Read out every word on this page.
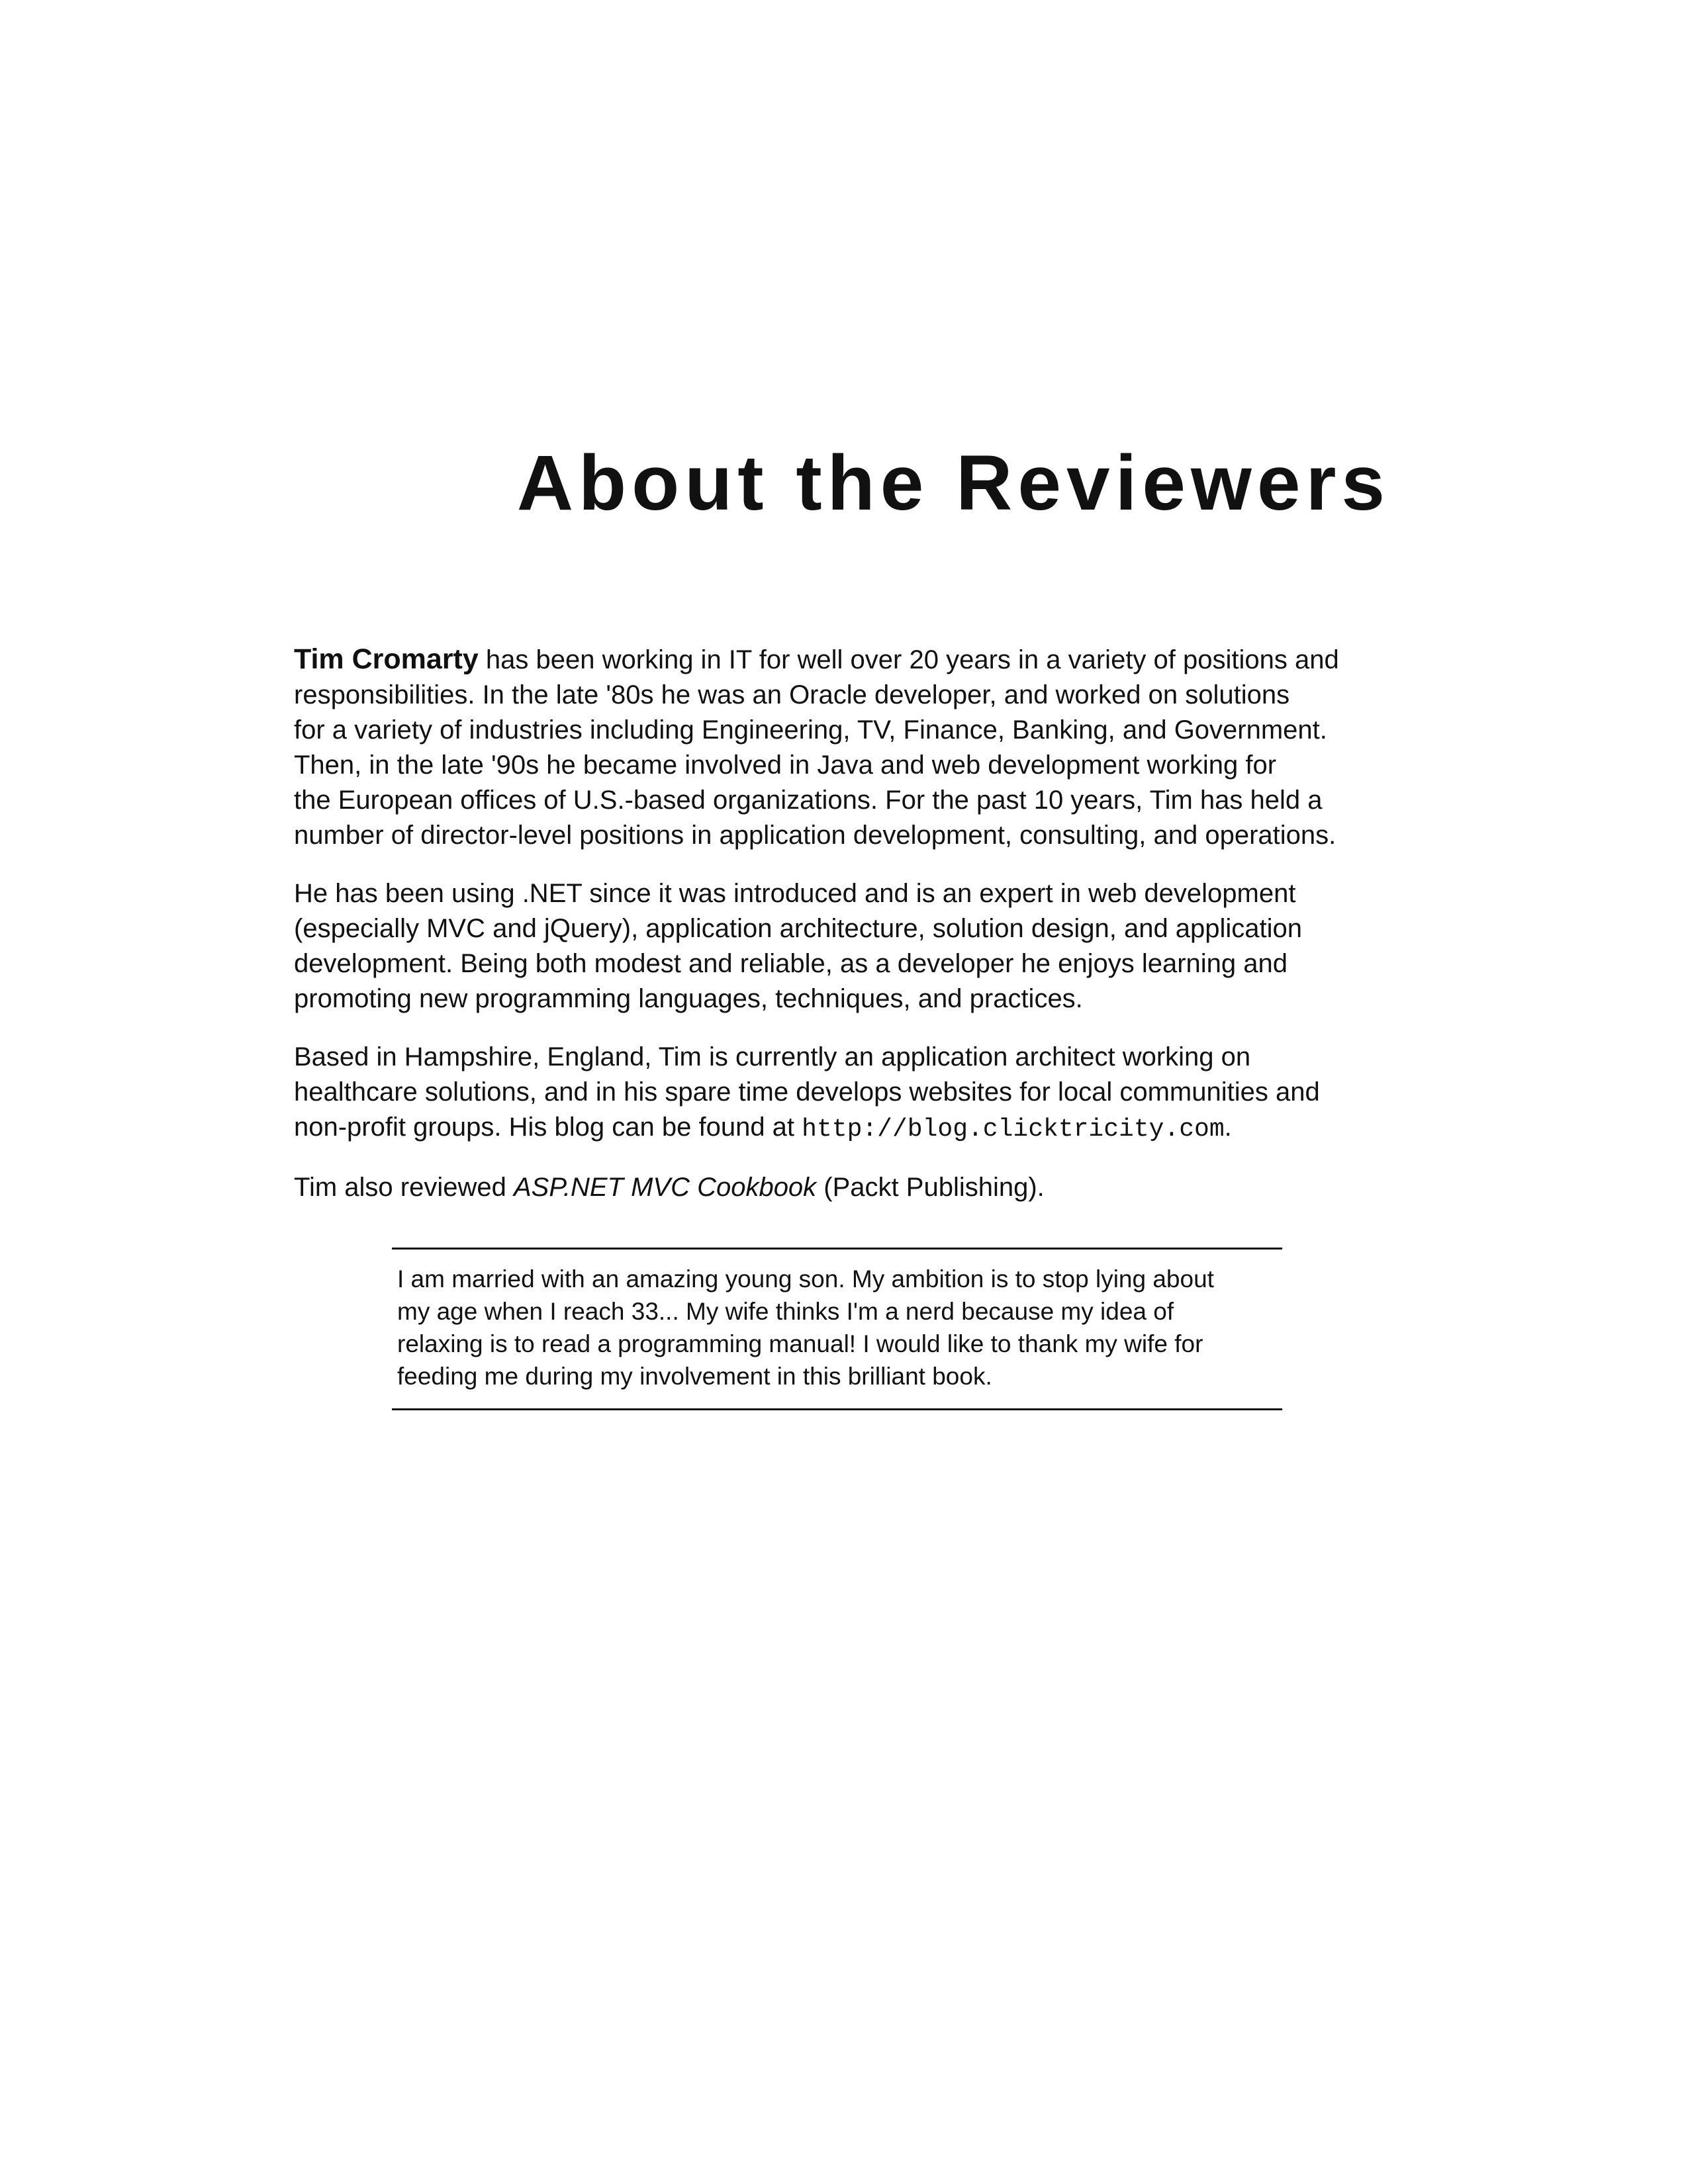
About the Reviewers

Tim Cromarty has been working in IT for well over 20 years in a variety of positions and
responsibilities. In the late '80s he was an Oracle developer, and worked on solutions
for a variety of industries including Engineering, TV, Finance, Banking, and Government.
Then, in the late '90s he became involved in Java and web development working for
the European offices of U.S.-based organizations. For the past 10 years, Tim has held a
number of director-level positions in application development, consulting, and operations.

He has been using .NET since it was introduced and is an expert in web development
(especially MVC and jQuery), application architecture, solution design, and application
development. Being both modest and reliable, as a developer he enjoys learning and
promoting new programming languages, techniques, and practices.

Based in Hampshire, England, Tim is currently an application architect working on
healthcare solutions, and in his spare time develops websites for local communities and
non-profit groups. His blog can be found at http://blog.clicktricity.com.

Tim also reviewed ASP.NET MVC Cookbook (Packt Publishing).

I am married with an amazing young son. My ambition is to stop lying about
my age when I reach 33... My wife thinks I'm a nerd because my idea of
relaxing is to read a programming manual! I would like to thank my wife for
feeding me during my involvement in this brilliant book.
